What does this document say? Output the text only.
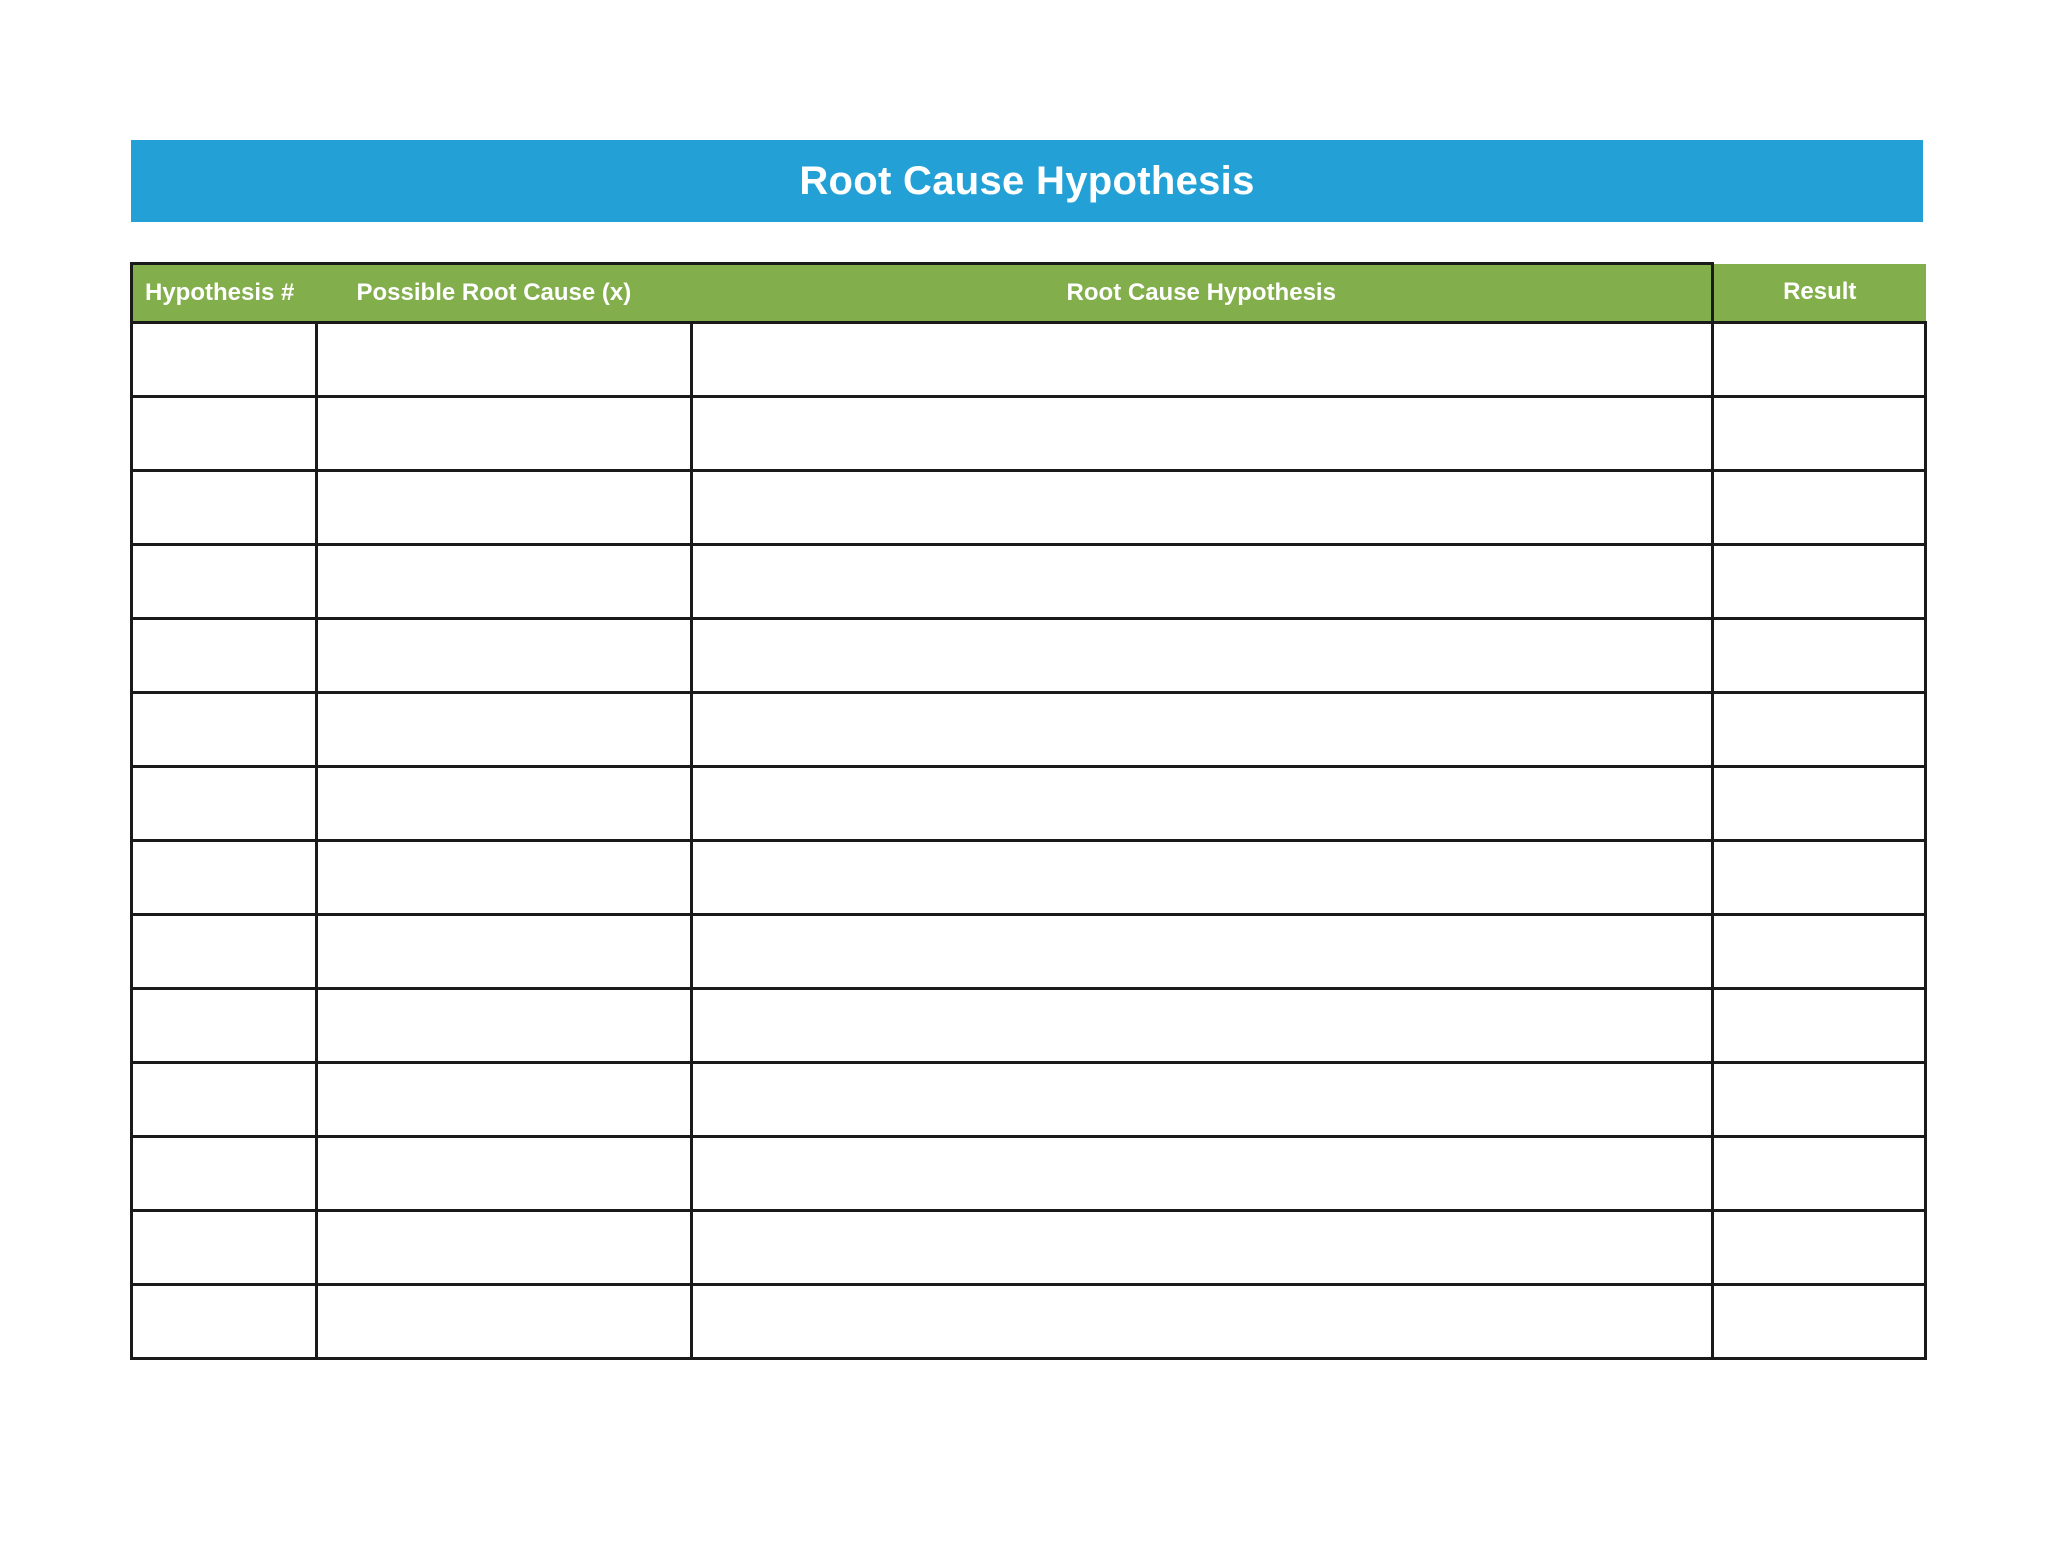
Root Cause Hypothesis
Hypothesis #	Possible Root Cause (x)	Root Cause Hypothesis	Result
